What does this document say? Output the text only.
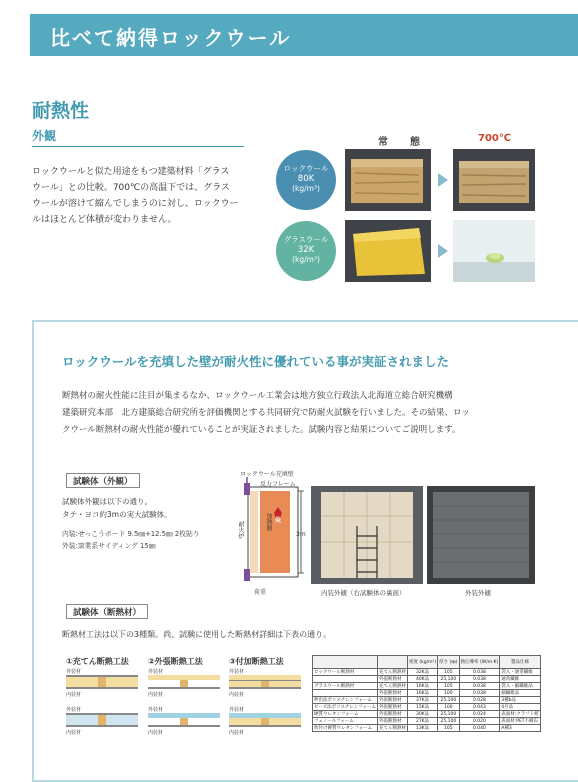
比べて納得ロックウール
耐熱性
外観
ロックウールと似た用途をもつ建築材料「グラス
ウール」との比較。700℃の高温下では、グラス
ウールが溶けて縮んでしまうのに対し、ロックウー
ルはほとんど体積が変わりません。
常　態	700℃
ロックウール
80K
(kg/m³)
グラスウール
32K
(kg/m³)
ロックウールを充填した壁が耐火性に優れている事が実証されました
断熱材の耐火性能に注目が集まるなか、ロックウール工業会は地方独立行政法人北海道立総合研究機構
建築研究本部　北方建築総合研究所を評価機関とする共同研究で防耐火試験を行いました。その結果、ロッ
クウール断熱材の耐火性能が優れていることが実証されました。試験内容と結果についてご説明します。
試験体（外観）
試験体外観は以下の通り。
タテ・ヨコ約3mの実大試験体。
内装:せっこうボード 9.5㎜+12.5㎜ 2枚貼り
外装:窯業系サイディング 15㎜
ロックウール充填壁
反力フレーム
加熱側
耐火炉
炎
3m
荷重	内装外観（右試験体の裏面）	外装外観
試験体（断熱材）
断熱材工法は以下の3種類。尚、試験に使用した断熱材詳細は下表の通り。
①充てん断熱工法 ②外張断熱工法	③付加断熱工法
外装材
内装材
外装材
内装材
外装材
内装材
外装材
内装材
外装材
内装材
外装材
内装材
		密度 (kg/m³)	厚さ (㎜)	熱伝導率 (W/m·K)	製品仕様
ロックウール断熱材	充てん断熱材	32K品	105	0.038	袋入・通常繊維
	外張断熱材	40K品	25,100	0.038	通常繊維
グラスウール断熱材	充てん断熱材	16K品	105	0.038	袋入・細繊維品
	外張断熱材	16K品	100	0.038	細繊維品
押出法ポリスチレンフォーム	外張断熱材	37K品	25,100	0.028	3種b品
ビーズ法ポリスチレンフォーム	外張断熱材	15K品	100	0.043	4号品
硬質ウレタンフォーム	外張断熱材	30K品	25,100	0.024	表面材:クラフト紙
フェノールフォーム	外張断熱材	27K品	25,100	0.020	表面材:PET不織布
吹付け硬質ウレタンフォーム	充てん断熱材	13K品	105	0.040	A種3
